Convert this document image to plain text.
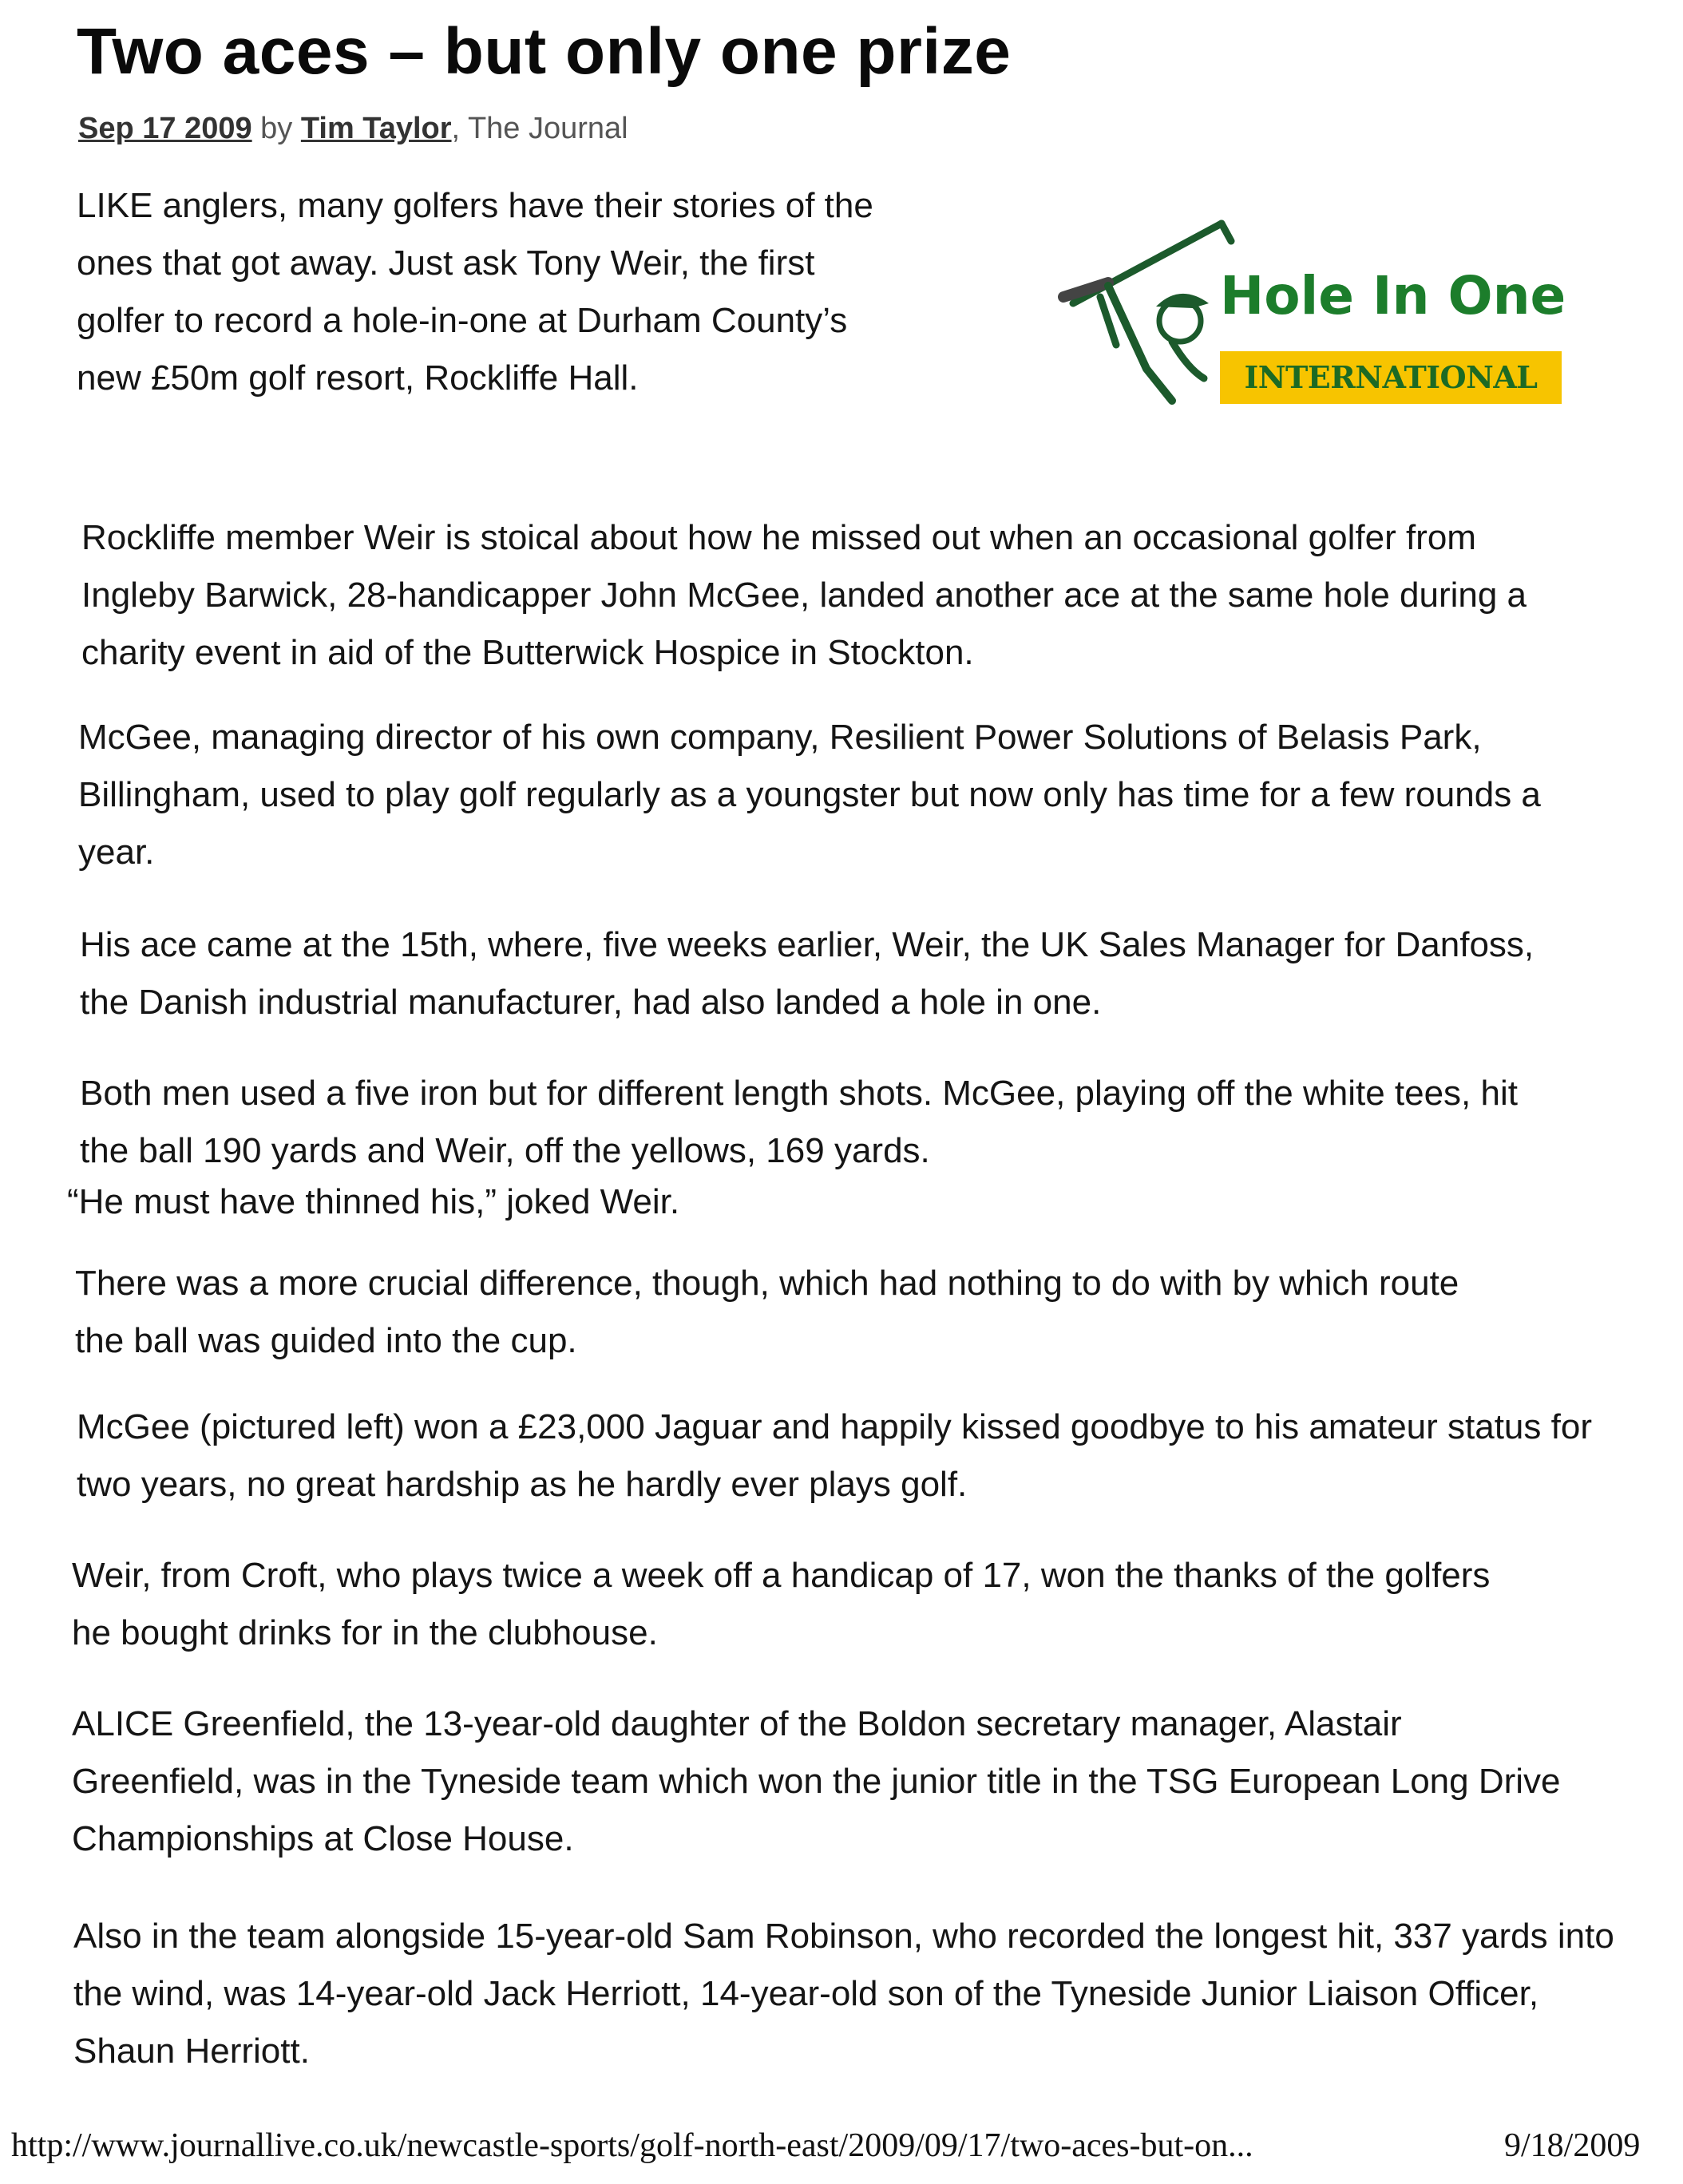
Two aces – but only one prize
Sep 17 2009 by Tim Taylor, The Journal
LIKE anglers, many golfers have their stories of the ones that got away. Just ask Tony Weir, the first golfer to record a hole-in-one at Durham County’s new £50m golf resort, Rockliffe Hall.
Hole In One
INTERNATIONAL
Rockliffe member Weir is stoical about how he missed out when an occasional golfer from Ingleby Barwick, 28-handicapper John McGee, landed another ace at the same hole during a charity event in aid of the Butterwick Hospice in Stockton.
McGee, managing director of his own company, Resilient Power Solutions of Belasis Park, Billingham, used to play golf regularly as a youngster but now only has time for a few rounds a year.
His ace came at the 15th, where, five weeks earlier, Weir, the UK Sales Manager for Danfoss, the Danish industrial manufacturer, had also landed a hole in one.
Both men used a five iron but for different length shots. McGee, playing off the white tees, hit the ball 190 yards and Weir, off the yellows, 169 yards.
“He must have thinned his,” joked Weir.
There was a more crucial difference, though, which had nothing to do with by which route the ball was guided into the cup.
McGee (pictured left) won a £23,000 Jaguar and happily kissed goodbye to his amateur status for two years, no great hardship as he hardly ever plays golf.
Weir, from Croft, who plays twice a week off a handicap of 17, won the thanks of the golfers he bought drinks for in the clubhouse.
ALICE Greenfield, the 13-year-old daughter of the Boldon secretary manager, Alastair Greenfield, was in the Tyneside team which won the junior title in the TSG European Long Drive Championships at Close House.
Also in the team alongside 15-year-old Sam Robinson, who recorded the longest hit, 337 yards into the wind, was 14-year-old Jack Herriott, 14-year-old son of the Tyneside Junior Liaison Officer, Shaun Herriott.
http://www.journallive.co.uk/newcastle-sports/golf-north-east/2009/09/17/two-aces-but-on...	9/18/2009
